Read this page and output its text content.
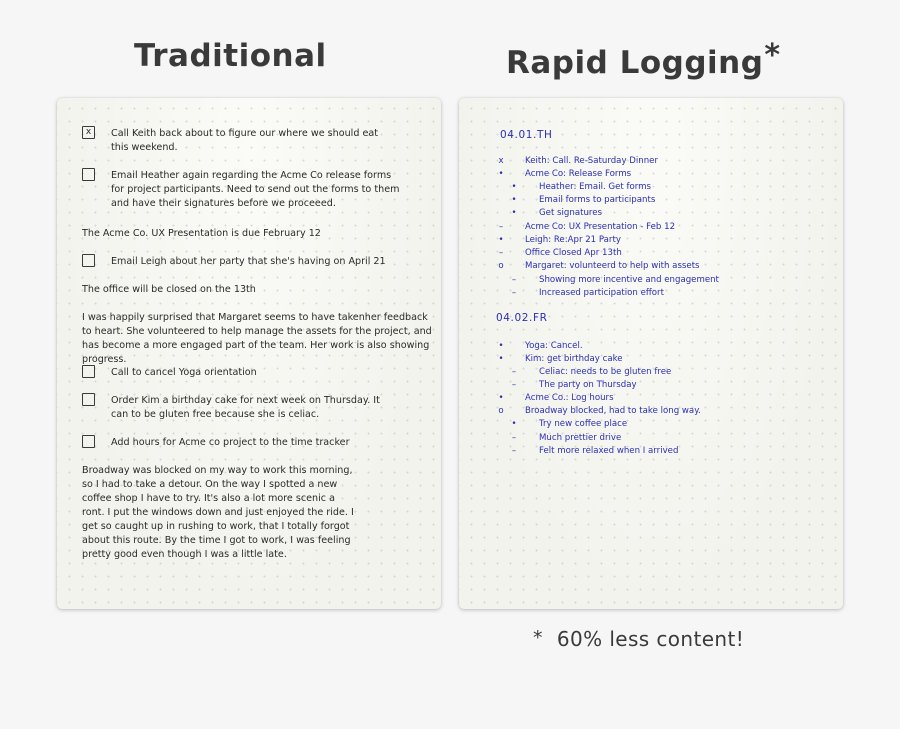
Traditional	Rapid Logging*
x	Call Keith back about to figure our where we should eat this weekend.
Email Heather again regarding the Acme Co release forms for project participants. Need to send out the forms to them and have their signatures before we proceeed.
The Acme Co. UX Presentation is due February 12
Email Leigh about her party that she's having on April 21
The office will be closed on the 13th
I was happily surprised that Margaret seems to have takenher feedback to heart. She volunteered to help manage the assets for the project, and has become a more engaged part of the team. Her work is also showing progress.
Call to cancel Yoga orientation
Order Kim a birthday cake for next week on Thursday. It can to be gluten free because she is celiac.
Add hours for Acme co project to the time tracker
Broadway was blocked on my way to work this morning, so I had to take a detour. On the way I spotted a new coffee shop I have to try. It's also a lot more scenic a ront. I put the windows down and just enjoyed the ride. I get so caught up in rushing to work, that I totally forgot about this route. By the time I got to work, I was feeling pretty good even though I was a little late.
04.01.TH
x Keith: Call. Re-Saturday Dinner
• Acme Co: Release Forms
•	Heather: Email. Get forms
•	Email forms to participants
•	Get signatures
–	Acme Co: UX Presentation - Feb 12
• Leigh: Re:Apr 21 Party
–	Office Closed Apr 13th
o Margaret: volunteerd to help with assets
–	Showing more incentive and engagement
–	Increased participation effort
04.02.FR
• Yoga: Cancel.
• Kim: get birthday cake
–	Celiac: needs to be gluten free
–	The party on Thursday
• Acme Co.: Log hours
o Broadway blocked, had to take long way.
•	Try new coffee place
–	Much prettier drive
–	Felt more relaxed when I arrived
* 60% less content!
